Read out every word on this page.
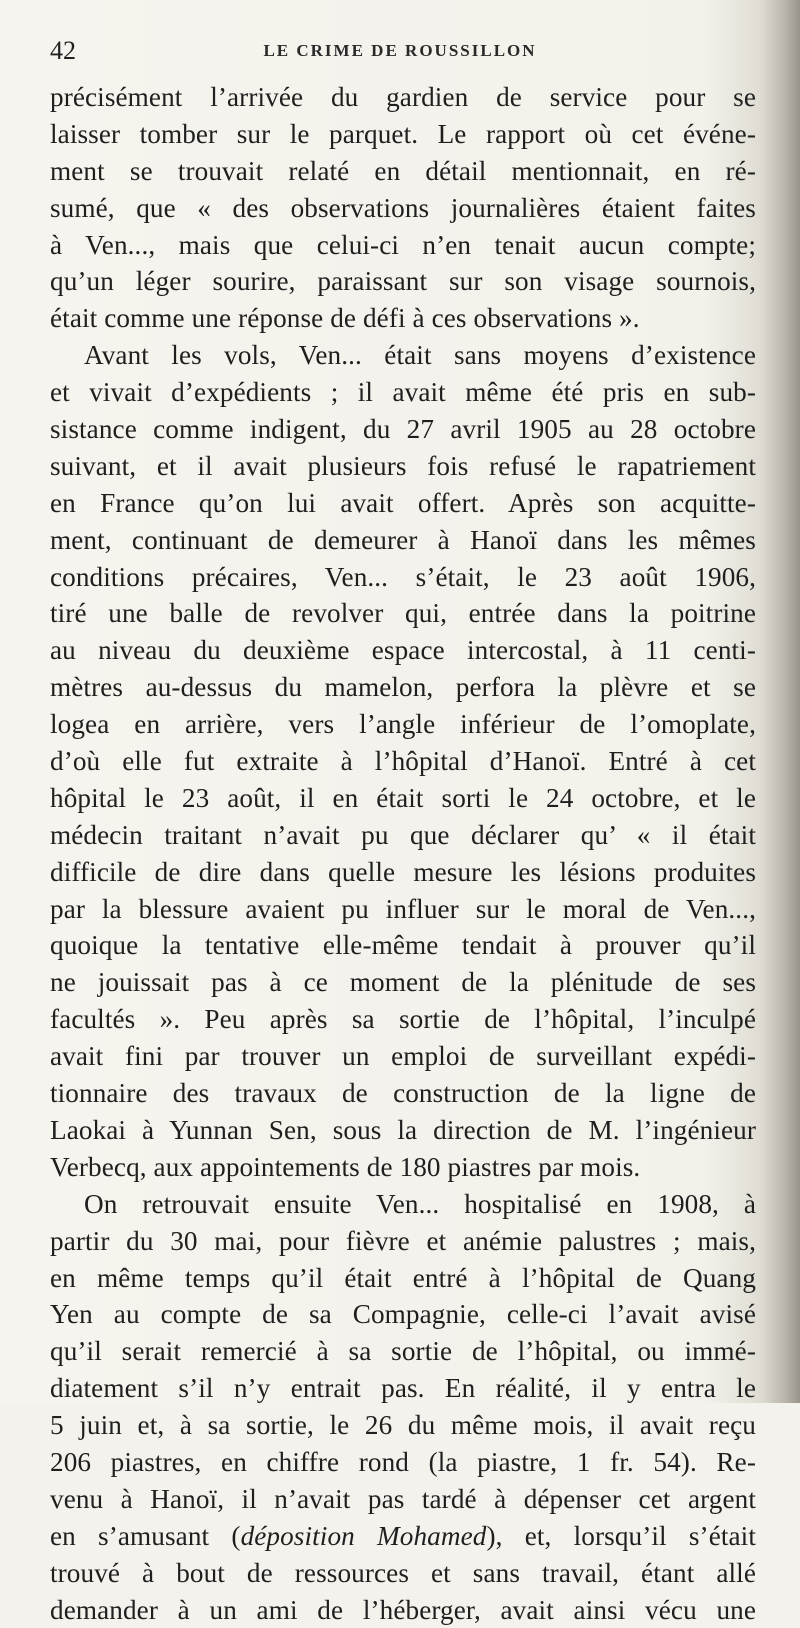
42	LE CRIME DE ROUSSILLON
précisément l’arrivée du gardien de service pour se
laisser tomber sur le parquet. Le rapport où cet événe-
ment se trouvait relaté en détail mentionnait, en ré-
sumé, que « des observations journalières étaient faites
à Ven..., mais que celui-ci n’en tenait aucun compte;
qu’un léger sourire, paraissant sur son visage sournois,
était comme une réponse de défi à ces observations ».
Avant les vols, Ven... était sans moyens d’existence
et vivait d’expédients ; il avait même été pris en sub-
sistance comme indigent, du 27 avril 1905 au 28 octobre
suivant, et il avait plusieurs fois refusé le rapatriement
en France qu’on lui avait offert. Après son acquitte-
ment, continuant de demeurer à Hanoï dans les mêmes
conditions précaires, Ven... s’était, le 23 août 1906,
tiré une balle de revolver qui, entrée dans la poitrine
au niveau du deuxième espace intercostal, à 11 centi-
mètres au-dessus du mamelon, perfora la plèvre et se
logea en arrière, vers l’angle inférieur de l’omoplate,
d’où elle fut extraite à l’hôpital d’Hanoï. Entré à cet
hôpital le 23 août, il en était sorti le 24 octobre, et le
médecin traitant n’avait pu que déclarer qu’ « il était
difficile de dire dans quelle mesure les lésions produites
par la blessure avaient pu influer sur le moral de Ven...,
quoique la tentative elle-même tendait à prouver qu’il
ne jouissait pas à ce moment de la plénitude de ses
facultés ». Peu après sa sortie de l’hôpital, l’inculpé
avait fini par trouver un emploi de surveillant expédi-
tionnaire des travaux de construction de la ligne de
Laokai à Yunnan Sen, sous la direction de M. l’ingénieur
Verbecq, aux appointements de 180 piastres par mois.
On retrouvait ensuite Ven... hospitalisé en 1908, à
partir du 30 mai, pour fièvre et anémie palustres ; mais,
en même temps qu’il était entré à l’hôpital de Quang
Yen au compte de sa Compagnie, celle-ci l’avait avisé
qu’il serait remercié à sa sortie de l’hôpital, ou immé-
diatement s’il n’y entrait pas. En réalité, il y entra le
5 juin et, à sa sortie, le 26 du même mois, il avait reçu
206 piastres, en chiffre rond (la piastre, 1 fr. 54). Re-
venu à Hanoï, il n’avait pas tardé à dépenser cet argent
en s’amusant (déposition Mohamed), et, lorsqu’il s’était
trouvé à bout de ressources et sans travail, étant allé
demander à un ami de l’héberger, avait ainsi vécu une
